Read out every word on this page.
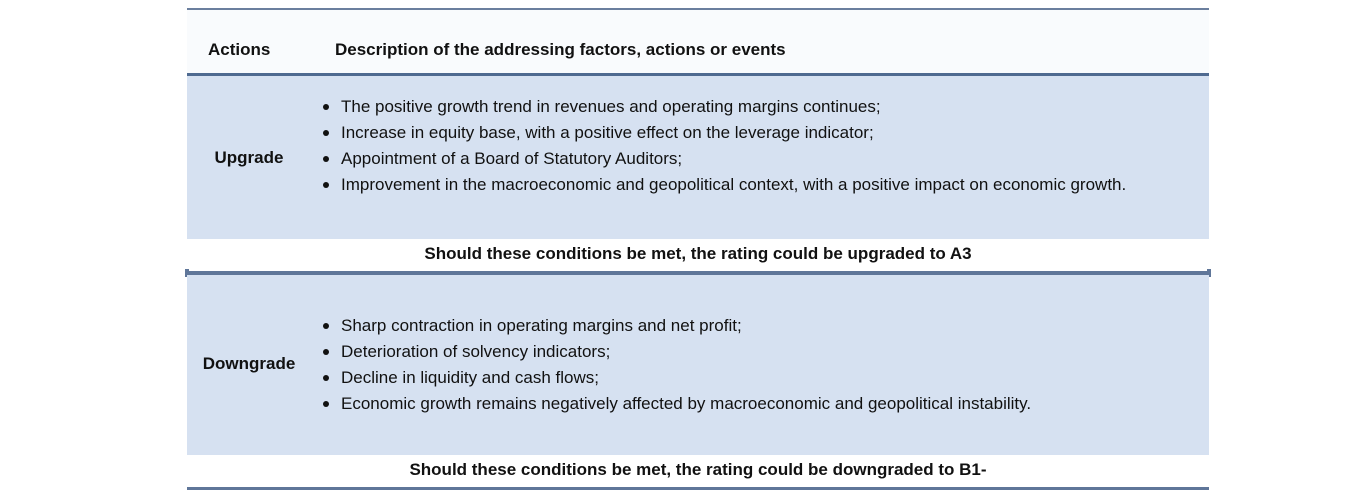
Actions	Description of the addressing factors, actions or events
Upgrade
The positive growth trend in revenues and operating margins continues;
Increase in equity base, with a positive effect on the leverage indicator;
Appointment of a Board of Statutory Auditors;
Improvement in the macroeconomic and geopolitical context, with a positive impact on economic growth.
Should these conditions be met, the rating could be upgraded to A3
Downgrade
Sharp contraction in operating margins and net profit;
Deterioration of solvency indicators;
Decline in liquidity and cash flows;
Economic growth remains negatively affected by macroeconomic and geopolitical instability.
Should these conditions be met, the rating could be downgraded to B1-
